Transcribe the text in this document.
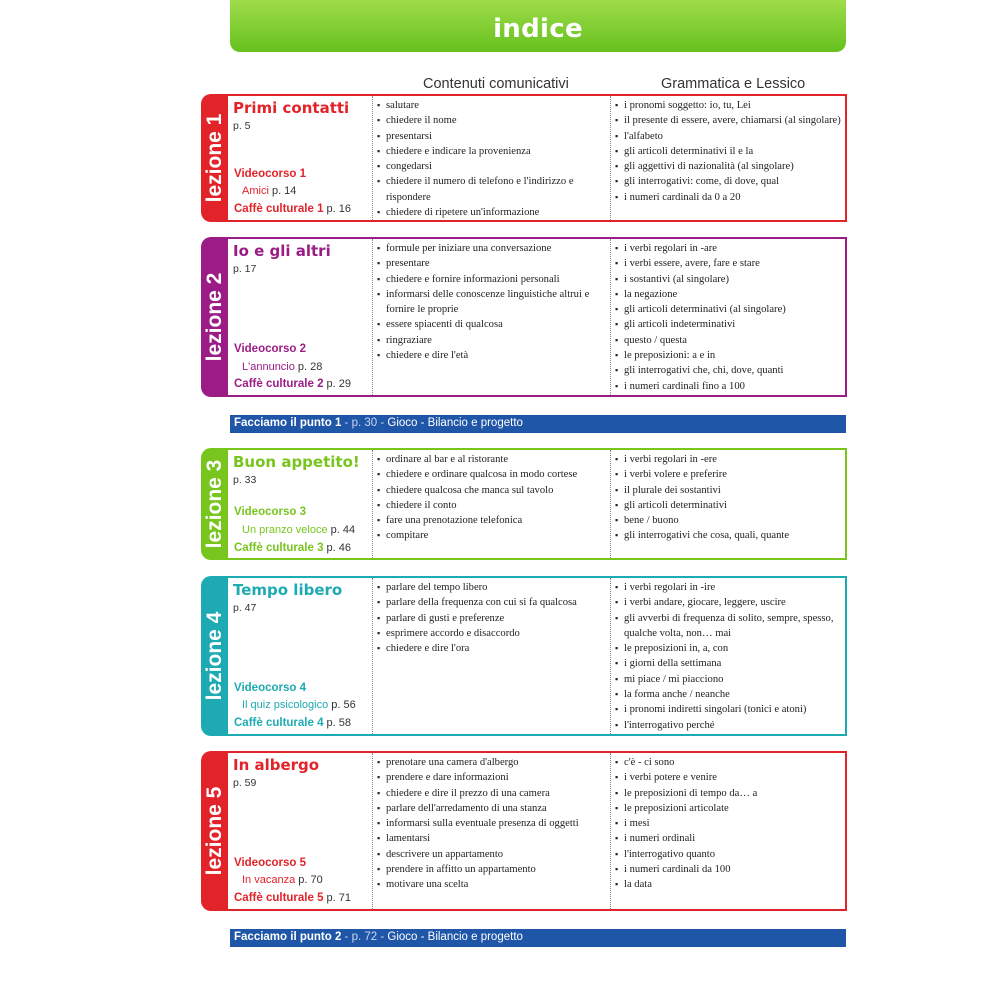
indice
Contenuti comunicativi	Grammatica e Lessico
lezione 1
Primi contatti
p. 5
Videocorso 1
Amici p. 14
Caffè culturale 1 p. 16
▪ salutare
▪ chiedere il nome
▪ presentarsi
▪ chiedere e indicare la provenienza
▪ congedarsi
▪ chiedere il numero di telefono e l'indirizzo e rispondere
▪ chiedere di ripetere un'informazione
▪ i pronomi soggetto: io, tu, Lei
▪ il presente di essere, avere, chiamarsi (al singolare)
▪ l'alfabeto
▪ gli articoli determinativi il e la
▪ gli aggettivi di nazionalità (al singolare)
▪ gli interrogativi: come, di dove, qual
▪ i numeri cardinali da 0 a 20
lezione 2
Io e gli altri
p. 17
Videocorso 2
L'annuncio p. 28
Caffè culturale 2 p. 29
▪ formule per iniziare una conversazione
▪ presentare
▪ chiedere e fornire informazioni personali
▪ informarsi delle conoscenze linguistiche altrui e fornire le proprie
▪ essere spiacenti di qualcosa
▪ ringraziare
▪ chiedere e dire l'età
▪ i verbi regolari in -are
▪ i verbi essere, avere, fare e stare
▪ i sostantivi (al singolare)
▪ la negazione
▪ gli articoli determinativi (al singolare)
▪ gli articoli indeterminativi
▪ questo / questa
▪ le preposizioni: a e in
▪ gli interrogativi che, chi, dove, quanti
▪ i numeri cardinali fino a 100
Facciamo il punto 1 - p. 30 - Gioco - Bilancio e progetto
lezione 3 Buon appetito!
p. 33
Videocorso 3
Un pranzo veloce p. 44
Caffè culturale 3 p. 46
▪ ordinare al bar e al ristorante
▪ chiedere e ordinare qualcosa in modo cortese
▪ chiedere qualcosa che manca sul tavolo
▪ chiedere il conto
▪ fare una prenotazione telefonica
▪ compitare
▪ i verbi regolari in -ere
▪ i verbi volere e preferire
▪ il plurale dei sostantivi
▪ gli articoli determinativi
▪ bene / buono
▪ gli interrogativi che cosa, quali, quante
lezione 4
Tempo libero
p. 47
Videocorso 4
Il quiz psicologico p. 56
Caffè culturale 4 p. 58
▪ parlare del tempo libero
▪ parlare della frequenza con cui si fa qualcosa
▪ parlare di gusti e preferenze
▪ esprimere accordo e disaccordo
▪ chiedere e dire l'ora
▪ i verbi regolari in -ire
▪ i verbi andare, giocare, leggere, uscire
▪ gli avverbi di frequenza di solito, sempre, spesso, qualche volta, non… mai
▪ le preposizioni in, a, con
▪ i giorni della settimana
▪ mi piace / mi piacciono
▪ la forma anche / neanche
▪ i pronomi indiretti singolari (tonici e atoni)
▪ l'interrogativo perché
lezione 5
In albergo
p. 59
Videocorso 5
In vacanza p. 70
Caffè culturale 5 p. 71
▪ prenotare una camera d'albergo
▪ prendere e dare informazioni
▪ chiedere e dire il prezzo di una camera
▪ parlare dell'arredamento di una stanza
▪ informarsi sulla eventuale presenza di oggetti
▪ lamentarsi
▪ descrivere un appartamento
▪ prendere in affitto un appartamento
▪ motivare una scelta
▪ c'è - ci sono
▪ i verbi potere e venire
▪ le preposizioni di tempo da… a
▪ le preposizioni articolate
▪ i mesi
▪ i numeri ordinali
▪ l'interrogativo quanto
▪ i numeri cardinali da 100
▪ la data
Facciamo il punto 2 - p. 72 - Gioco - Bilancio e progetto
